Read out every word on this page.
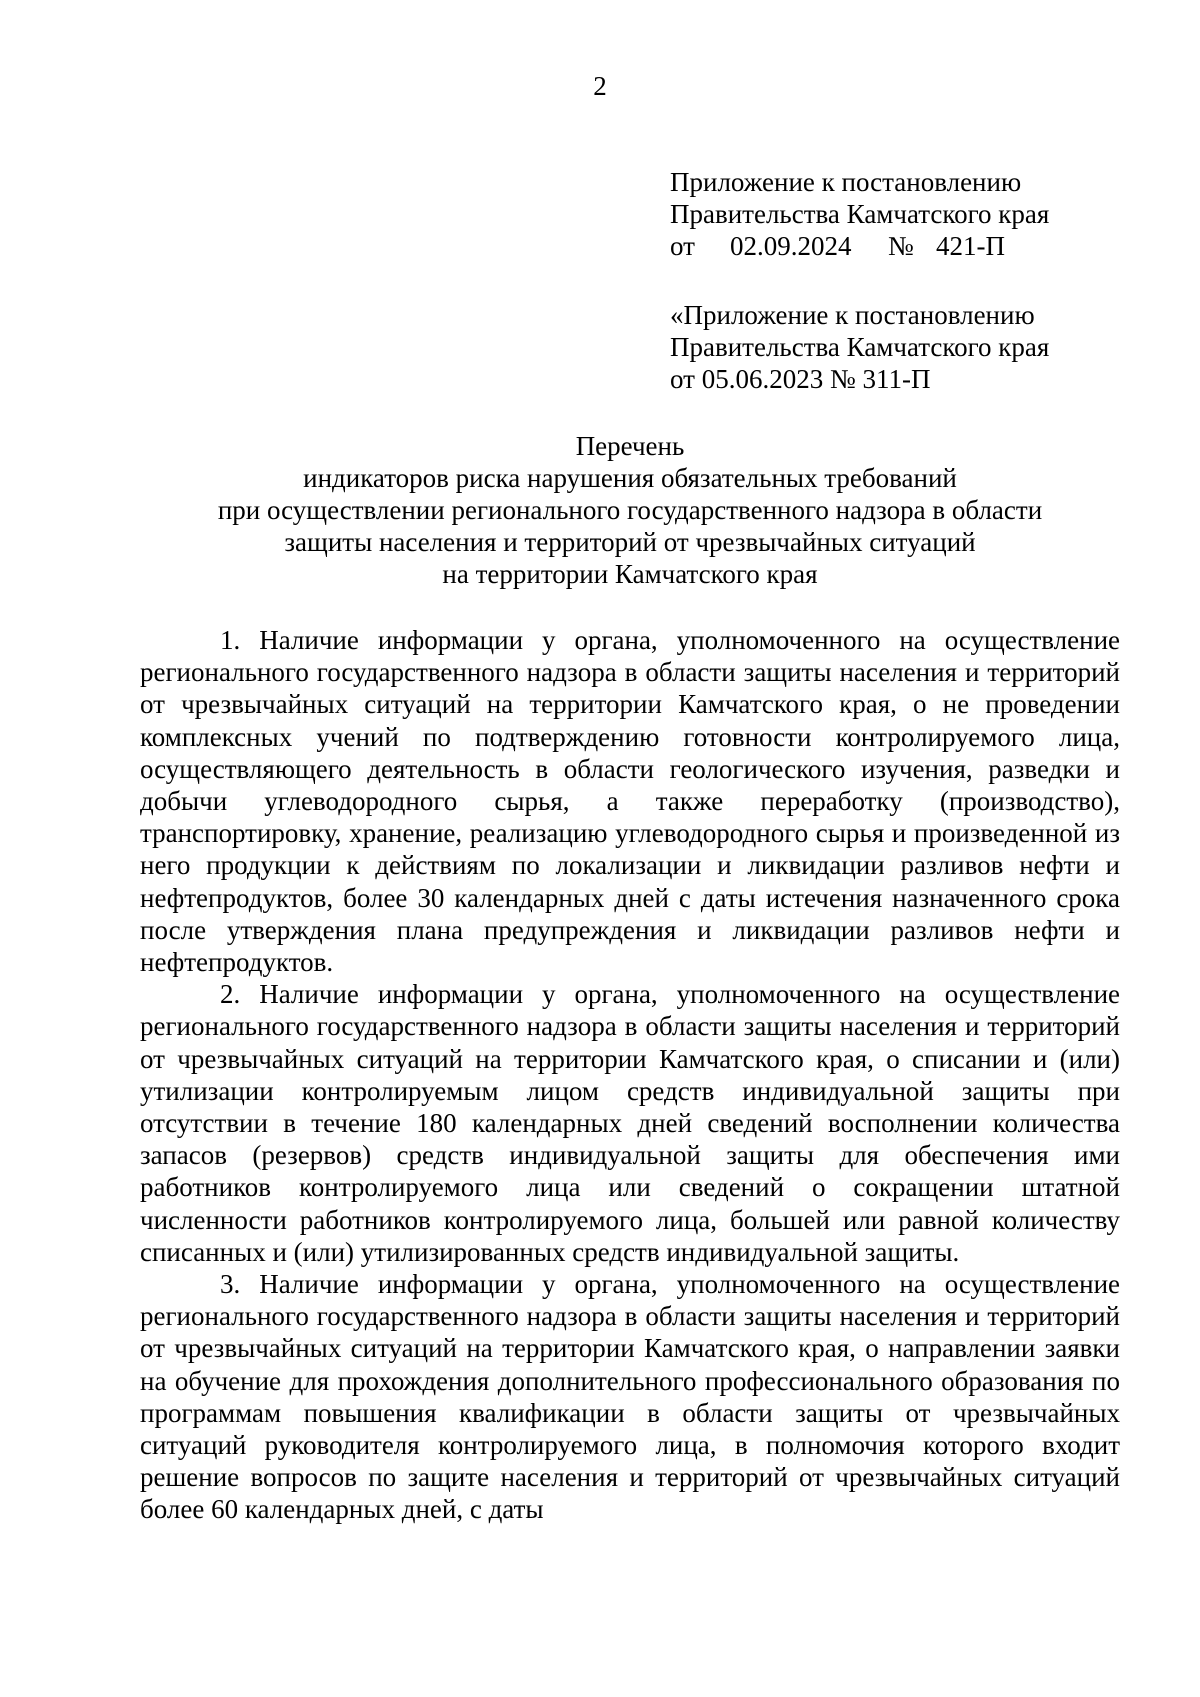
2
Приложение к постановлению
Правительства Камчатского края
от 02.09.2024 № 421-П
«Приложение к постановлению
Правительства Камчатского края
от 05.06.2023 № 311-П
Перечень
индикаторов риска нарушения обязательных требований
при осуществлении регионального государственного надзора в области
защиты населения и территорий от чрезвычайных ситуаций
на территории Камчатского края

1. Наличие информации у органа, уполномоченного на осуществление регионального государственного надзора в области защиты населения и территорий от чрезвычайных ситуаций на территории Камчатского края, о не проведении комплексных учений по подтверждению готовности контролируемого лица, осуществляющего деятельность в области геологического изучения, разведки и добычи углеводородного сырья, а также переработку (производство), транспортировку, хранение, реализацию углеводородного сырья и произведенной из него продукции к действиям по локализации и ликвидации разливов нефти и нефтепродуктов, более 30 календарных дней с даты истечения назначенного срока после утверждения плана предупреждения и ликвидации разливов нефти и нефтепродуктов.

2. Наличие информации у органа, уполномоченного на осуществление регионального государственного надзора в области защиты населения и территорий от чрезвычайных ситуаций на территории Камчатского края, о списании и (или) утилизации контролируемым лицом средств индивидуальной защиты при отсутствии в течение 180 календарных дней сведений восполнении количества запасов (резервов) средств индивидуальной защиты для обеспечения ими работников контролируемого лица или сведений о сокращении штатной численности работников контролируемого лица, большей или равной количеству списанных и (или) утилизированных средств индивидуальной защиты.

3. Наличие информации у органа, уполномоченного на осуществление регионального государственного надзора в области защиты населения и территорий от чрезвычайных ситуаций на территории Камчатского края, о направлении заявки на обучение для прохождения дополнительного профессионального образования по программам повышения квалификации в области защиты от чрезвычайных ситуаций руководителя контролируемого лица, в полномочия которого входит решение вопросов по защите населения и территорий от чрезвычайных ситуаций более 60 календарных дней, с даты
